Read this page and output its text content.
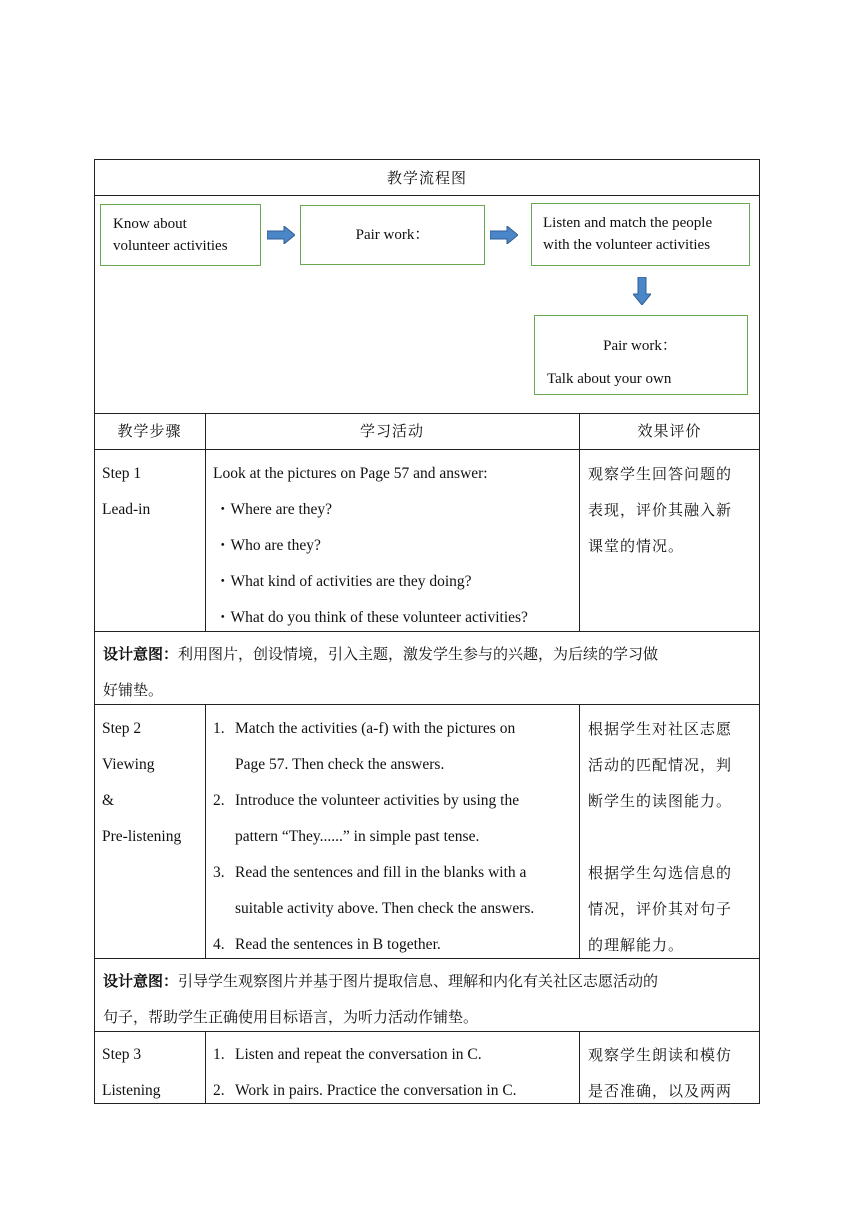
教学流程图
Know about
volunteer activities
Pair work：
Listen and match the people
with the volunteer activities
Pair work：
Talk about your own
教学步骤	学习活动	效果评价
Step 1
Lead-in
Look at the pictures on Page 57 and answer:
・Where are they?
・Who are they?
・What kind of activities are they doing?
・What do you think of these volunteer activities?
观察学生回答问题的
表现，评价其融入新
课堂的情况。
设计意图：利用图片，创设情境，引入主题，激发学生参与的兴趣，为后续的学习做
好铺垫。
Step 2
Viewing
&
Pre-listening
1. Match the activities (a-f) with the pictures on
Page 57. Then check the answers.
2. Introduce the volunteer activities by using the
pattern “They......” in simple past tense.
3. Read the sentences and fill in the blanks with a
suitable activity above. Then check the answers.
4. Read the sentences in B together.
根据学生对社区志愿
活动的匹配情况，判
断学生的读图能力。
根据学生勾选信息的
情况，评价其对句子
的理解能力。
设计意图：引导学生观察图片并基于图片提取信息、理解和内化有关社区志愿活动的
句子，帮助学生正确使用目标语言，为听力活动作铺垫。
Step 3
Listening
1. Listen and repeat the conversation in C.
2. Work in pairs. Practice the conversation in C.
观察学生朗读和模仿
是否准确，以及两两
